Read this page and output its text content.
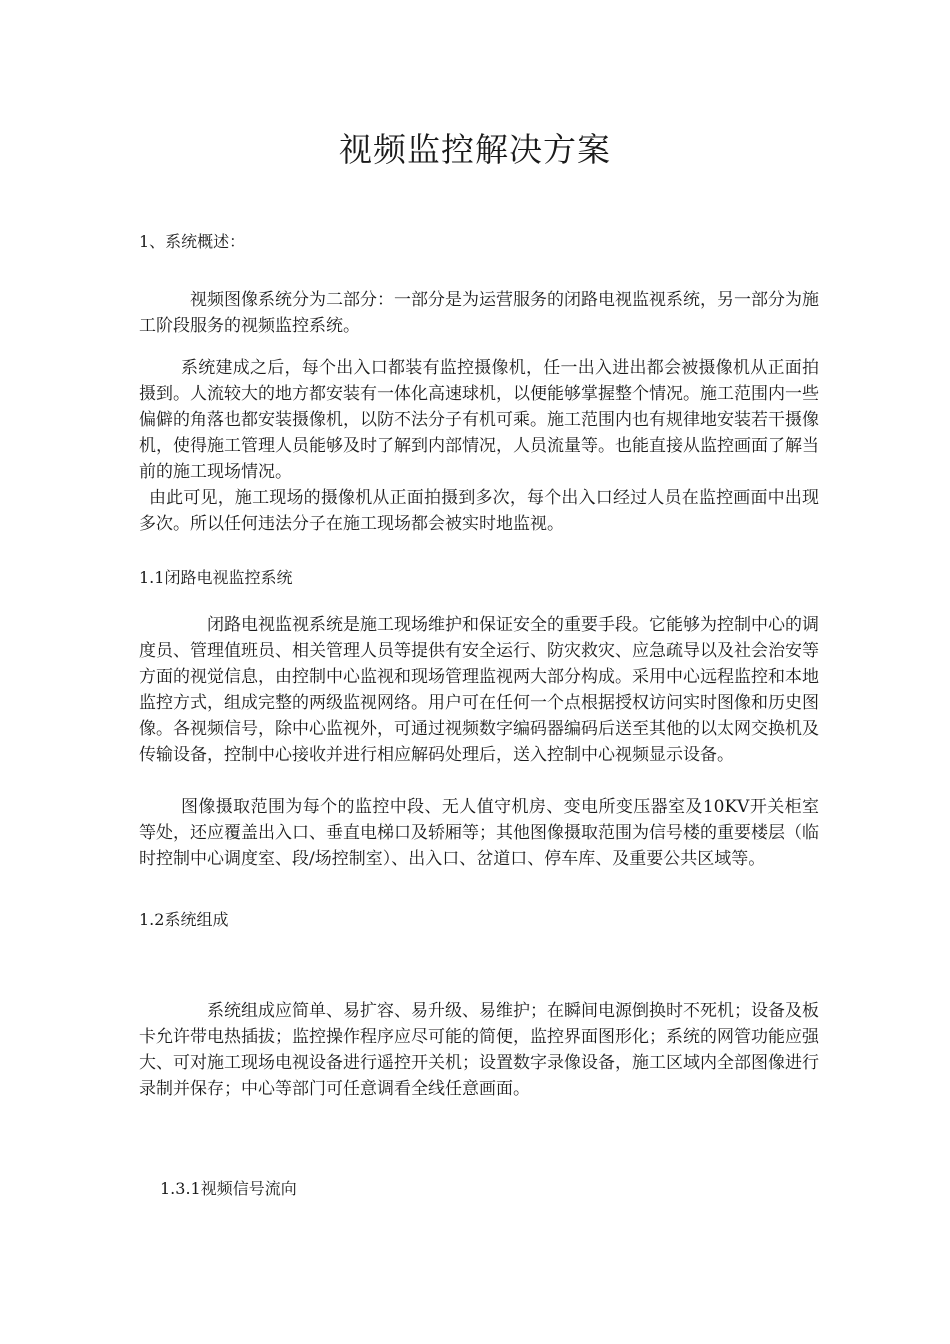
视频监控解决方案
1、系统概述：

视频图像系统分为二部分：一部分是为运营服务的闭路电视监视系统，另一部分为施工阶段服务的视频监控系统。

系统建成之后，每个出入口都装有监控摄像机，任一出入进出都会被摄像机从正面拍摄到。人流较大的地方都安装有一体化高速球机，以便能够掌握整个情况。施工范围内一些偏僻的角落也都安装摄像机，以防不法分子有机可乘。施工范围内也有规律地安装若干摄像机，使得施工管理人员能够及时了解到内部情况，人员流量等。也能直接从监控画面了解当前的施工现场情况。

由此可见，施工现场的摄像机从正面拍摄到多次，每个出入口经过人员在监控画面中出现多次。所以任何违法分子在施工现场都会被实时地监视。

1.1闭路电视监控系统

闭路电视监视系统是施工现场维护和保证安全的重要手段。它能够为控制中心的调度员、管理值班员、相关管理人员等提供有安全运行、防灾救灾、应急疏导以及社会治安等方面的视觉信息，由控制中心监视和现场管理监视两大部分构成。采用中心远程监控和本地监控方式，组成完整的两级监视网络。用户可在任何一个点根据授权访问实时图像和历史图像。各视频信号，除中心监视外，可通过视频数字编码器编码后送至其他的以太网交换机及传输设备，控制中心接收并进行相应解码处理后，送入控制中心视频显示设备。

图像摄取范围为每个的监控中段、无人值守机房、变电所变压器室及10KV开关柜室等处，还应覆盖出入口、垂直电梯口及轿厢等；其他图像摄取范围为信号楼的重要楼层（临时控制中心调度室、段/场控制室）、出入口、岔道口、停车库、及重要公共区域等。

1.2系统组成

系统组成应简单、易扩容、易升级、易维护；在瞬间电源倒换时不死机；设备及板卡允许带电热插拔；监控操作程序应尽可能的简便，监控界面图形化；系统的网管功能应强大、可对施工现场电视设备进行遥控开关机；设置数字录像设备，施工区域内全部图像进行录制并保存；中心等部门可任意调看全线任意画面。

1.3.1视频信号流向
